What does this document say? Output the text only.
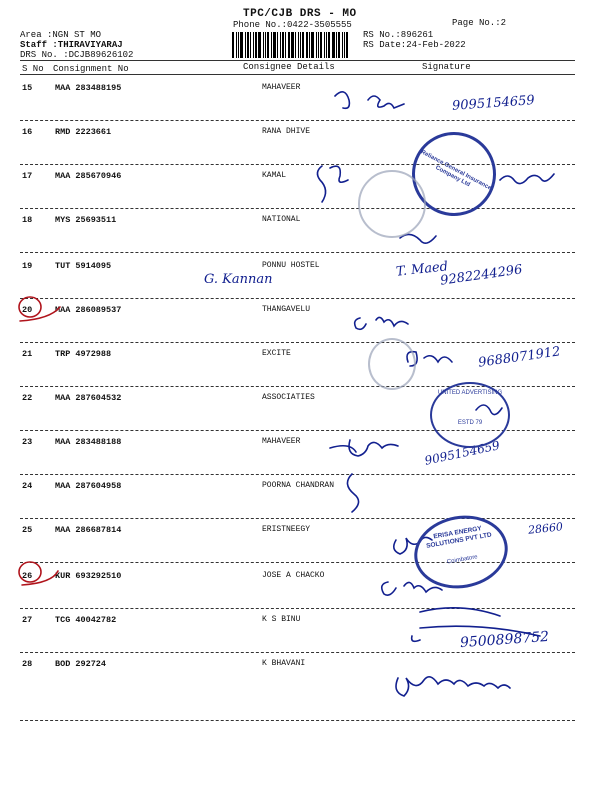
TPC/CJB DRS - MO
Phone No.:0422-3505555	Page No.:2
Area :NGN ST MO
Staff :THIRAVIYARAJ
DRS No. :DCJB89626102
RS No.:896261
RS Date:24-Feb-2022
S No Consignment No	Consignee Details	Signature
15	MAA 283488195	MAHAVEER
16	RMD 2223661	RANA DHIVE
17	MAA 285670946	KAMAL
18	MYS 25693511	NATIONAL
19	TUT 5914095	PONNU HOSTEL
20	MAA 286089537	THANGAVELU
21	TRP 4972988	EXCITE
22	MAA 287604532	ASSOCIATIES
23	MAA 283488188	MAHAVEER
24	MAA 287604958	POORNA CHANDRAN
25	MAA 286687814	ERISTNEEGY
26	KUR 693292510	JOSE A CHACKO
27	TCG 40042782	K S BINU
28	BOD 292724	K BHAVANI
9095154659
G. Kannan	T. Maed
9282244296
9688071912
9095154659
28660
9500898752
Reliance General Insurance Company Ltd
UNITED ADVERTISING
ESTD 79
ERISA ENERGY SOLUTIONS PVT LTD
Coimbatore
